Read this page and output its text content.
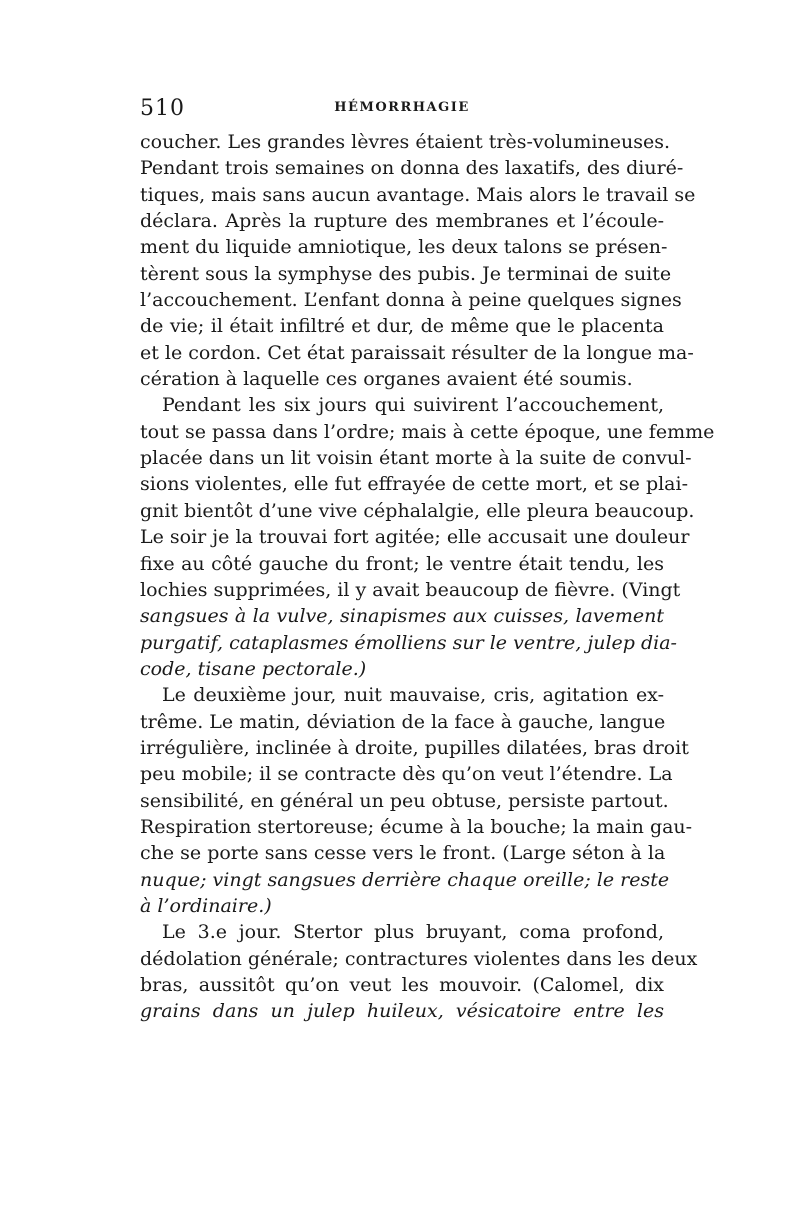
510	HÉMORRHAGIE
coucher. Les grandes lèvres étaient très-volumineuses.
Pendant trois semaines on donna des laxatifs, des diuré-
tiques, mais sans aucun avantage. Mais alors le travail se
déclara. Après la rupture des membranes et l’écoule-
ment du liquide amniotique, les deux talons se présen-
tèrent sous la symphyse des pubis. Je terminai de suite
l’accouchement. L’enfant donna à peine quelques signes
de vie; il était infiltré et dur, de même que le placenta
et le cordon. Cet état paraissait résulter de la longue ma-
cération à laquelle ces organes avaient été soumis.
Pendant les six jours qui suivirent l’accouchement,
tout se passa dans l’ordre; mais à cette époque, une femme
placée dans un lit voisin étant morte à la suite de convul-
sions violentes, elle fut effrayée de cette mort, et se plai-
gnit bientôt d’une vive céphalalgie, elle pleura beaucoup.
Le soir je la trouvai fort agitée; elle accusait une douleur
fixe au côté gauche du front; le ventre était tendu, les
lochies supprimées, il y avait beaucoup de fièvre. (Vingt
sangsues à la vulve, sinapismes aux cuisses, lavement
purgatif, cataplasmes émolliens sur le ventre, julep dia-
code, tisane pectorale.)
Le deuxième jour, nuit mauvaise, cris, agitation ex-
trême. Le matin, déviation de la face à gauche, langue
irrégulière, inclinée à droite, pupilles dilatées, bras droit
peu mobile; il se contracte dès qu’on veut l’étendre. La
sensibilité, en général un peu obtuse, persiste partout.
Respiration stertoreuse; écume à la bouche; la main gau-
che se porte sans cesse vers le front. (Large séton à la
nuque; vingt sangsues derrière chaque oreille; le reste
à l’ordinaire.)
Le 3.e jour. Stertor plus bruyant, coma profond,
dédolation générale; contractures violentes dans les deux
bras, aussitôt qu’on veut les mouvoir. (Calomel, dix
grains dans un julep huileux, vésicatoire entre les
